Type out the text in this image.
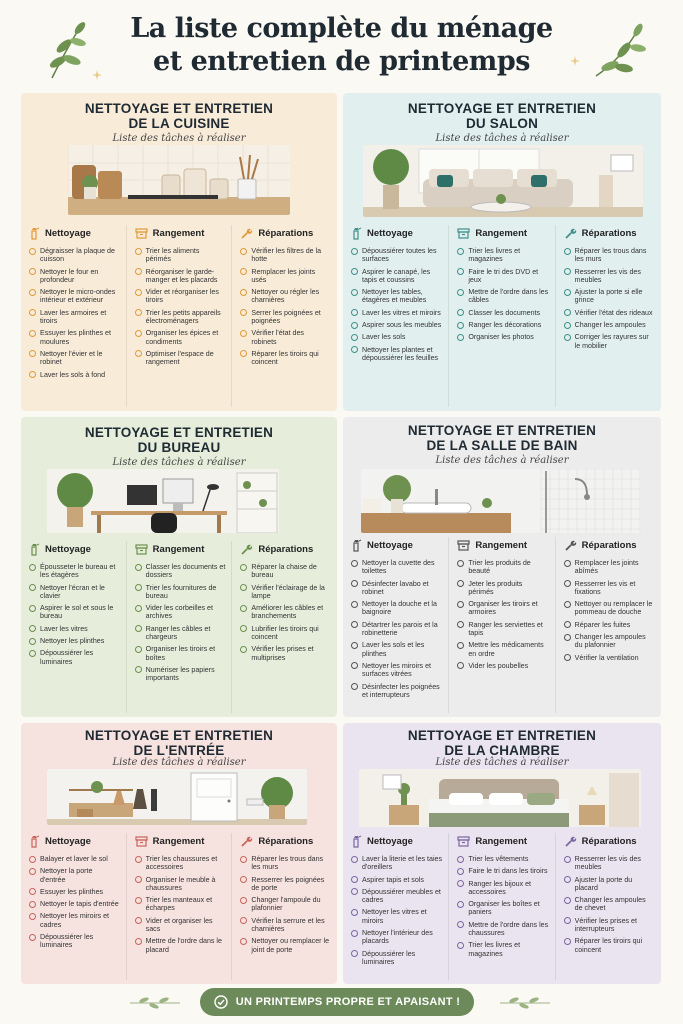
La liste complète du ménage
et entretien de printemps
NETTOYAGE ET ENTRETIEN
DE LA CUISINE
Liste des tâches à réaliser
Nettoyage
Dégraisser la plaque de cuisson
Nettoyer le four en profondeur
Nettoyer le micro-ondes intérieur et extérieur
Laver les armoires et tiroirs
Essuyer les plinthes et moulures
Nettoyer l'évier et le robinet
Laver les sols à fond
Rangement
Trier les aliments périmés
Réorganiser le garde-manger et les placards
Vider et réorganiser les tiroirs
Trier les petits appareils électroménagers
Organiser les épices et condiments
Optimiser l'espace de rangement
Réparations
Vérifier les filtres de la hotte
Remplacer les joints usés
Nettoyer ou régler les charnières
Serrer les poignées et poignées
Vérifier l'état des robinets
Réparer les tiroirs qui coincent
NETTOYAGE ET ENTRETIEN
DU SALON
Liste des tâches à réaliser
Nettoyage
Dépoussiérer toutes les surfaces
Aspirer le canapé, les tapis et coussins
Nettoyer les tables, étagères et meubles
Laver les vitres et miroirs
Aspirer sous les meubles
Laver les sols
Nettoyer les plantes et dépoussiérer les feuilles
Rangement
Trier les livres et magazines
Faire le tri des DVD et jeux
Mettre de l'ordre dans les câbles
Classer les documents
Ranger les décorations
Organiser les photos
Réparations
Réparer les trous dans les murs
Resserrer les vis des meubles
Ajuster la porte si elle grince
Vérifier l'état des rideaux
Changer les ampoules
Corriger les rayures sur le mobilier
NETTOYAGE ET ENTRETIEN
DU BUREAU
Liste des tâches à réaliser
Nettoyage
Épousseter le bureau et les étagères
Nettoyer l'écran et le clavier
Aspirer le sol et sous le bureau
Laver les vitres
Nettoyer les plinthes
Dépoussiérer les luminaires
Rangement
Classer les documents et dossiers
Trier les fournitures de bureau
Vider les corbeilles et archives
Ranger les câbles et chargeurs
Organiser les tiroirs et boîtes
Numériser les papiers importants
Réparations
Réparer la chaise de bureau
Vérifier l'éclairage de la lampe
Améliorer les câbles et branchements
Lubrifier les tiroirs qui coincent
Vérifier les prises et multiprises
NETTOYAGE ET ENTRETIEN
DE LA SALLE DE BAIN
Liste des tâches à réaliser
Nettoyage
Nettoyer la cuvette des toilettes
Désinfecter lavabo et robinet
Nettoyer la douche et la baignoire
Détartrer les parois et la robinetterie
Laver les sols et les plinthes
Nettoyer les miroirs et surfaces vitrées
Désinfecter les poignées et interrupteurs
Rangement
Trier les produits de beauté
Jeter les produits périmés
Organiser les tiroirs et armoires
Ranger les serviettes et tapis
Mettre les médicaments en ordre
Vider les poubelles
Réparations
Remplacer les joints abîmés
Resserrer les vis et fixations
Nettoyer ou remplacer le pommeau de douche
Réparer les fuites
Changer les ampoules du plafonnier
Vérifier la ventilation
NETTOYAGE ET ENTRETIEN
DE L'ENTRÉE
Liste des tâches à réaliser
Nettoyage
Balayer et laver le sol
Nettoyer la porte d'entrée
Essuyer les plinthes
Nettoyer le tapis d'entrée
Nettoyer les miroirs et cadres
Dépoussiérer les luminaires
Rangement
Trier les chaussures et accessoires
Organiser le meuble à chaussures
Trier les manteaux et écharpes
Vider et organiser les sacs
Mettre de l'ordre dans le placard
Réparations
Réparer les trous dans les murs
Resserrer les poignées de porte
Changer l'ampoule du plafonnier
Vérifier la serrure et les charnières
Nettoyer ou remplacer le joint de porte
NETTOYAGE ET ENTRETIEN
DE LA CHAMBRE
Liste des tâches à réaliser
Nettoyage
Laver la literie et les taies d'oreillers
Aspirer tapis et sols
Dépoussiérer meubles et cadres
Nettoyer les vitres et miroirs
Nettoyer l'intérieur des placards
Dépoussiérer les luminaires
Rangement
Trier les vêtements
Faire le tri dans les tiroirs
Ranger les bijoux et accessoires
Organiser les boîtes et paniers
Mettre de l'ordre dans les chaussures
Trier les livres et magazines
Réparations
Resserrer les vis des meubles
Ajuster la porte du placard
Changer les ampoules de chevet
Vérifier les prises et interrupteurs
Réparer les tiroirs qui coincent
UN PRINTEMPS PROPRE ET APAISANT !
